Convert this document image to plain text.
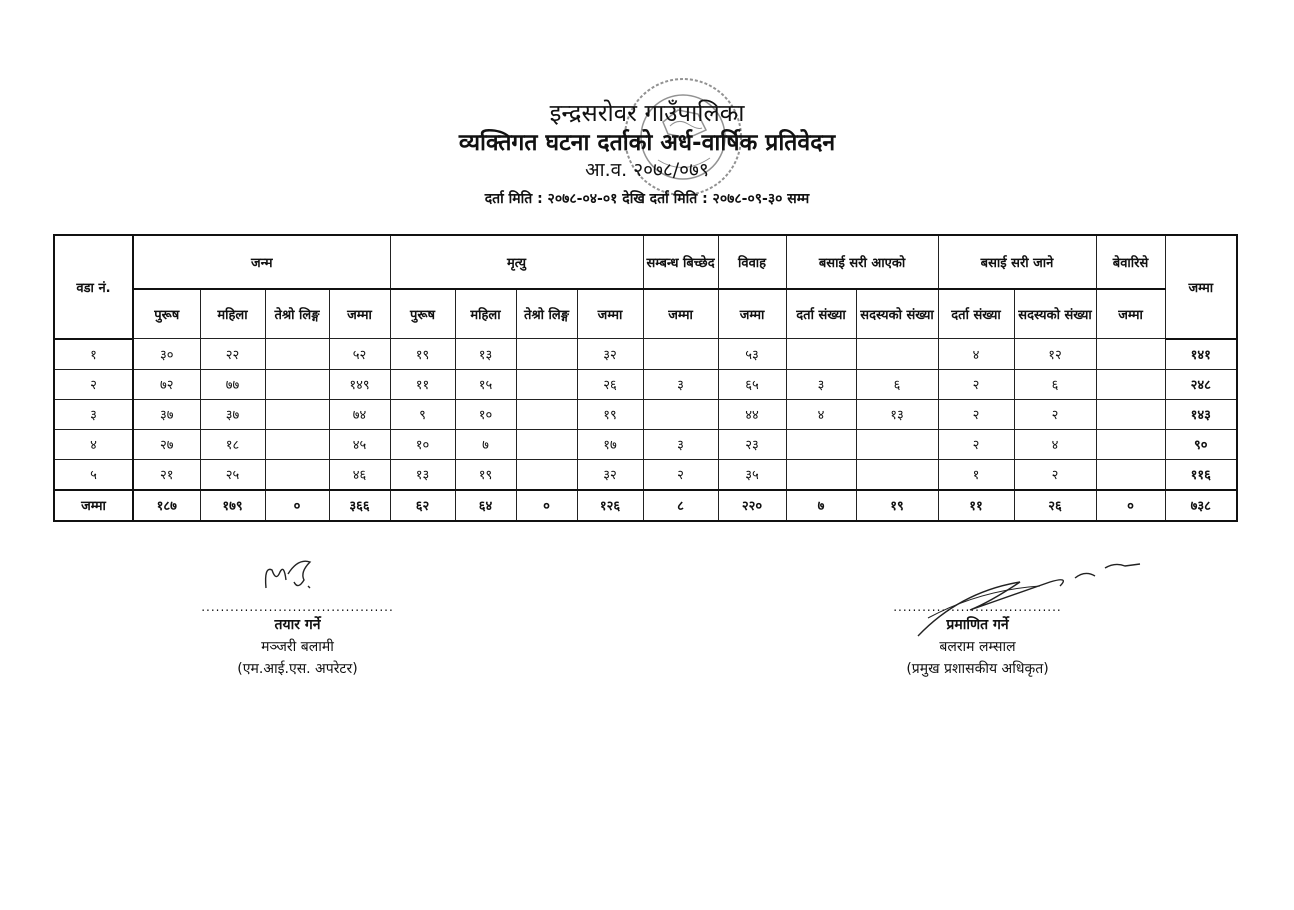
इन्द्रसरोवर गाउँपालिका
व्यक्तिगत घटना दर्ताको अर्ध-वार्षिक प्रतिवेदन
आ.व. २०७८/०७९
दर्ता मिति : २०७८-०४-०१ देखि दर्ता मिति : २०७८-०९-३० सम्म
वडा नं.	जन्म				मृत्यु				सम्बन्ध बिच्छेद	विवाह	बसाई सरी आएको		बसाई सरी जाने		बेवारिसे	जम्मा
	पुरूष	महिला	तेश्रो लिङ्ग	जम्मा	पुरूष	महिला	तेश्रो लिङ्ग	जम्मा	जम्मा	जम्मा	दर्ता संख्या	सदस्यको संख्या	दर्ता संख्या	सदस्यको संख्या	जम्मा	
१	३०	२२		५२	१९	१३		३२		५३			४	१२		१४१
२	७२	७७		१४९	११	१५		२६	३	६५	३	६	२	६		२४८
३	३७	३७		७४	९	१०		१९		४४	४	१३	२	२		१४३
४	२७	१८		४५	१०	७		१७	३	२३			२	४		९०
५	२१	२५		४६	१३	१९		३२	२	३५			१	२		११६
जम्मा	१८७	१७९	०	३६६	६२	६४	०	१२६	८	२२०	७	१९	११	२६	०	७३८
........................................
तयार गर्ने
मञ्जरी बलामी
(एम.आई.एस. अपरेटर)
...................................
प्रमाणित गर्ने
बलराम लम्साल
(प्रमुख प्रशासकीय अधिकृत)
